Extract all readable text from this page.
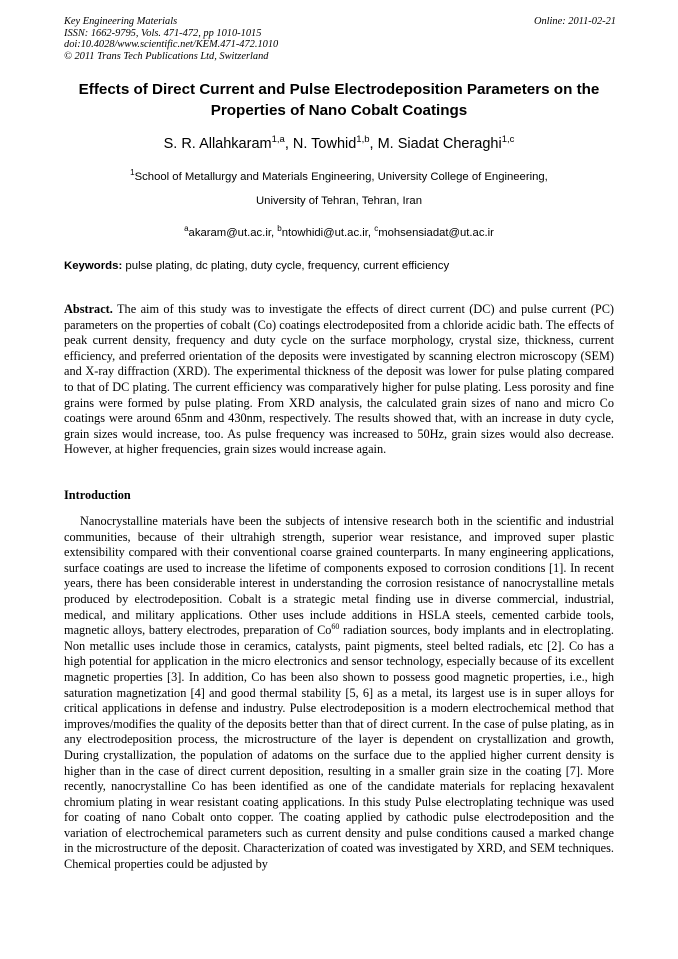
Key Engineering Materials
ISSN: 1662-9795, Vols. 471-472, pp 1010-1015
doi:10.4028/www.scientific.net/KEM.471-472.1010
© 2011 Trans Tech Publications Ltd, Switzerland
Online: 2011-02-21
Effects of Direct Current and Pulse Electrodeposition Parameters on the Properties of Nano Cobalt Coatings
S. R. Allahkaram$^{1,a}$, N. Towhid$^{1,b}$, M. Siadat Cheraghi$^{1,c}$
$^1$School of Metallurgy and Materials Engineering, University College of Engineering,
University of Tehran, Tehran, Iran
$^a$akaram@ut.ac.ir, $^b$ntowhidi@ut.ac.ir, $^c$mohsensiadat@ut.ac.ir
Keywords: pulse plating, dc plating, duty cycle, frequency, current efficiency
Abstract. The aim of this study was to investigate the effects of direct current (DC) and pulse current (PC) parameters on the properties of cobalt (Co) coatings electrodeposited from a chloride acidic bath. The effects of peak current density, frequency and duty cycle on the surface morphology, crystal size, thickness, current efficiency, and preferred orientation of the deposits were investigated by scanning electron microscopy (SEM) and X-ray diffraction (XRD). The experimental thickness of the deposit was lower for pulse plating compared to that of DC plating. The current efficiency was comparatively higher for pulse plating. Less porosity and fine grains were formed by pulse plating. From XRD analysis, the calculated grain sizes of nano and micro Co coatings were around 65nm and 430nm, respectively. The results showed that, with an increase in duty cycle, grain sizes would increase, too. As pulse frequency was increased to 50Hz, grain sizes would also decrease. However, at higher frequencies, grain sizes would increase again.
Introduction
Nanocrystalline materials have been the subjects of intensive research both in the scientific and industrial communities, because of their ultrahigh strength, superior wear resistance, and improved super plastic extensibility compared with their conventional coarse grained counterparts. In many engineering applications, surface coatings are used to increase the lifetime of components exposed to corrosion conditions [1]. In recent years, there has been considerable interest in understanding the corrosion resistance of nanocrystalline metals produced by electrodeposition. Cobalt is a strategic metal finding use in diverse commercial, industrial, medical, and military applications. Other uses include additions in HSLA steels, cemented carbide tools, magnetic alloys, battery electrodes, preparation of Co$^{60}$ radiation sources, body implants and in electroplating. Non metallic uses include those in ceramics, catalysts, paint pigments, steel belted radials, etc [2]. Co has a high potential for application in the micro electronics and sensor technology, especially because of its excellent magnetic properties [3]. In addition, Co has been also shown to possess good magnetic properties, i.e., high saturation magnetization [4] and good thermal stability [5, 6] as a metal, its largest use is in super alloys for critical applications in defense and industry. Pulse electrodeposition is a modern electrochemical method that improves/modifies the quality of the deposits better than that of direct current. In the case of pulse plating, as in any electrodeposition process, the microstructure of the layer is dependent on crystallization and growth, During crystallization, the population of adatoms on the surface due to the applied higher current density is higher than in the case of direct current deposition, resulting in a smaller grain size in the coating [7]. More recently, nanocrystalline Co has been identified as one of the candidate materials for replacing hexavalent chromium plating in wear resistant coating applications. In this study Pulse electroplating technique was used for coating of nano Cobalt onto copper. The coating applied by cathodic pulse electrodeposition and the variation of electrochemical parameters such as current density and pulse conditions caused a marked change in the microstructure of the deposit. Characterization of coated was investigated by XRD, and SEM techniques. Chemical properties could be adjusted by
